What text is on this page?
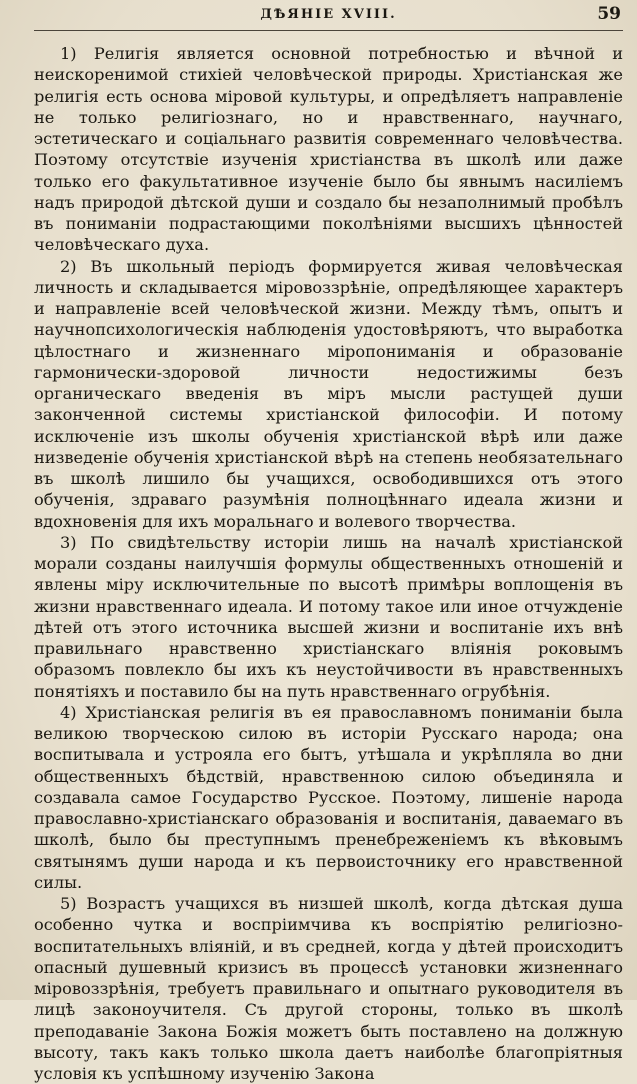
ДѢЯНІЕ XVIII.	59

1) Религія является основной потребностью и вѣчной и неискоренимой стихіей человѣческой природы. Христіанская же религія есть основа міровой культуры, и опредѣляетъ направленіе не только религіознаго, но и нравственнаго, научнаго, эстетическаго и соціальнаго развитія современнаго человѣчества. Поэтому отсутствіе изученія христіанства въ школѣ или даже только его факультативное изученіе было бы явнымъ насиліемъ надъ природой дѣтской души и создало бы незаполнимый пробѣлъ въ пониманіи подрастающими поколѣніями высшихъ цѣнностей человѣческаго духа.

2) Въ школьный періодъ формируется живая человѣческая личность и складывается міровоззрѣніе, опредѣляющее характеръ и направленіе всей человѣческой жизни. Между тѣмъ, опытъ и научнопсихологическія наблюденія удостовѣряютъ, что выработка цѣлостнаго и жизненнаго міропониманія и образованіе гармонически-здоровой личности недостижимы безъ органическаго введенія въ міръ мысли растущей души законченной системы христіанской философіи. И потому исключеніе изъ школы обученія христіанской вѣрѣ или даже низведеніе обученія христіанской вѣрѣ на степень необязательнаго въ школѣ лишило бы учащихся, освободившихся отъ этого обученія, здраваго разумѣнія полноцѣннаго идеала жизни и вдохновенія для ихъ моральнаго и волевого творчества.

3) По свидѣтельству исторіи лишь на началѣ христіанской морали созданы наилучшія формулы общественныхъ отношеній и явлены міру исключительные по высотѣ примѣры воплощенія въ жизни нравственнаго идеала. И потому такое или иное отчужденіе дѣтей отъ этого источника высшей жизни и воспитаніе ихъ внѣ правильнаго нравственно христіанскаго вліянія роковымъ образомъ повлекло бы ихъ къ неустойчивости въ нравственныхъ понятіяхъ и поставило бы на путь нравственнаго огрубѣнія.

4) Христіанская религія въ ея православномъ пониманіи была великою творческою силою въ исторіи Русскаго народа; она воспитывала и устрояла его бытъ, утѣшала и укрѣпляла во дни общественныхъ бѣдствій, нравственною силою объединяла и создавала самое Государство Русское. Поэтому, лишеніе народа православно-христіанскаго образованія и воспитанія, даваемаго въ школѣ, было бы преступнымъ пренебреженіемъ къ вѣковымъ святынямъ души народа и къ первоисточнику его нравственной силы.

5) Возрастъ учащихся въ низшей школѣ, когда дѣтская душа особенно чутка и воспріимчива къ воспріятію религіозно-воспитательныхъ вліяній, и въ средней, когда у дѣтей происходитъ опасный душевный кризисъ въ процессѣ установки жизненнаго міровоззрѣнія, требуетъ правильнаго и опытнаго руководителя въ лицѣ законоучителя. Съ другой стороны, только въ школѣ преподаваніе Закона Божія можетъ быть поставлено на должную высоту, такъ какъ только школа даетъ наиболѣе благопріятныя условія къ успѣшному изученію Закона
